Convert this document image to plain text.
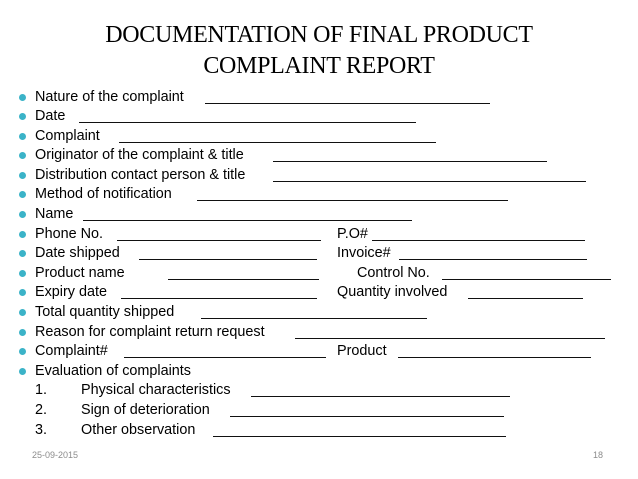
DOCUMENTATION OF FINAL PRODUCT
COMPLAINT REPORT
Nature of the complaint
Date
Complaint
Originator of the complaint & title
Distribution contact person & title
Method of notification
Name
Phone No.	P.O#
Date shipped	Invoice#
Product name	Control No.
Expiry date	Quantity involved
Total quantity shipped
Reason for complaint return request
Complaint#	Product
Evaluation of complaints
1. Physical characteristics
2. Sign of deterioration
3. Other observation
25-09-2015	18
